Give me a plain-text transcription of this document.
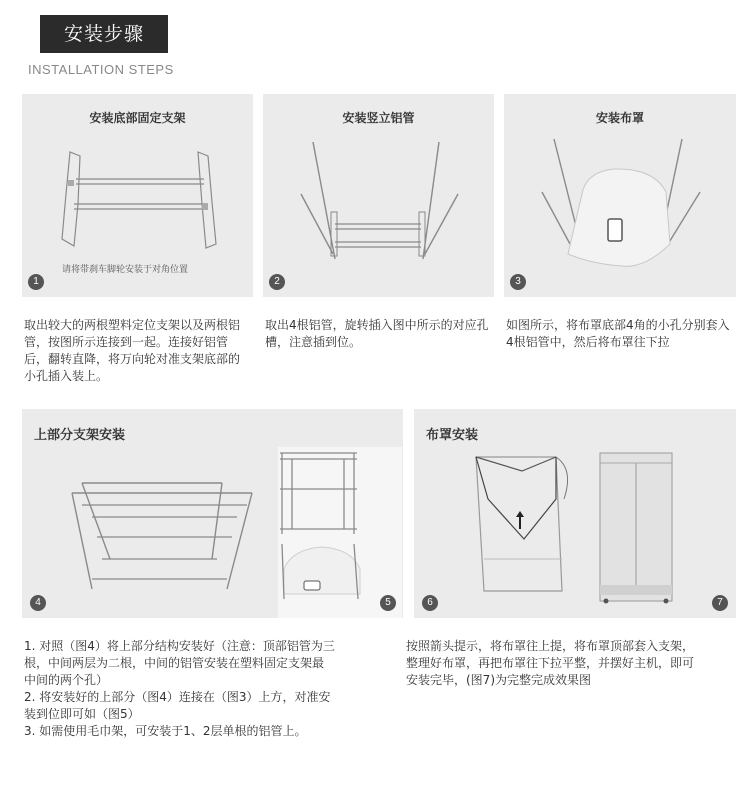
安装步骤
INSTALLATION STEPS
安装底部固定支架
请将带刹车脚轮安装于对角位置
1
安装竖立铝管
2
安装布罩
3
取出较大的两根塑料定位支架以及两根铝管，按图所示连接到一起。连接好铝管后，翻转直降，将万向轮对准支架底部的小孔插入装上。
取出4根铝管，旋转插入图中所示的对应孔槽，注意插到位。
如图所示，将布罩底部4角的小孔分别套入4根铝管中，然后将布罩往下拉
上部分支架安装
4	5
布罩安装
6	7
1. 对照（图4）将上部分结构安装好（注意：顶部铝管为三
根，中间两层为二根，中间的铝管安装在塑料固定支架最
中间的两个孔）
2. 将安装好的上部分（图4）连接在（图3）上方，对准安
装到位即可如（图5）
3. 如需使用毛巾架，可安装于1、2层单根的铝管上。
按照箭头提示，将布罩往上提，将布罩顶部套入支架，
整理好布罩，再把布罩往下拉平整，并摆好主机，即可
安装完毕，(图7)为完整完成效果图
